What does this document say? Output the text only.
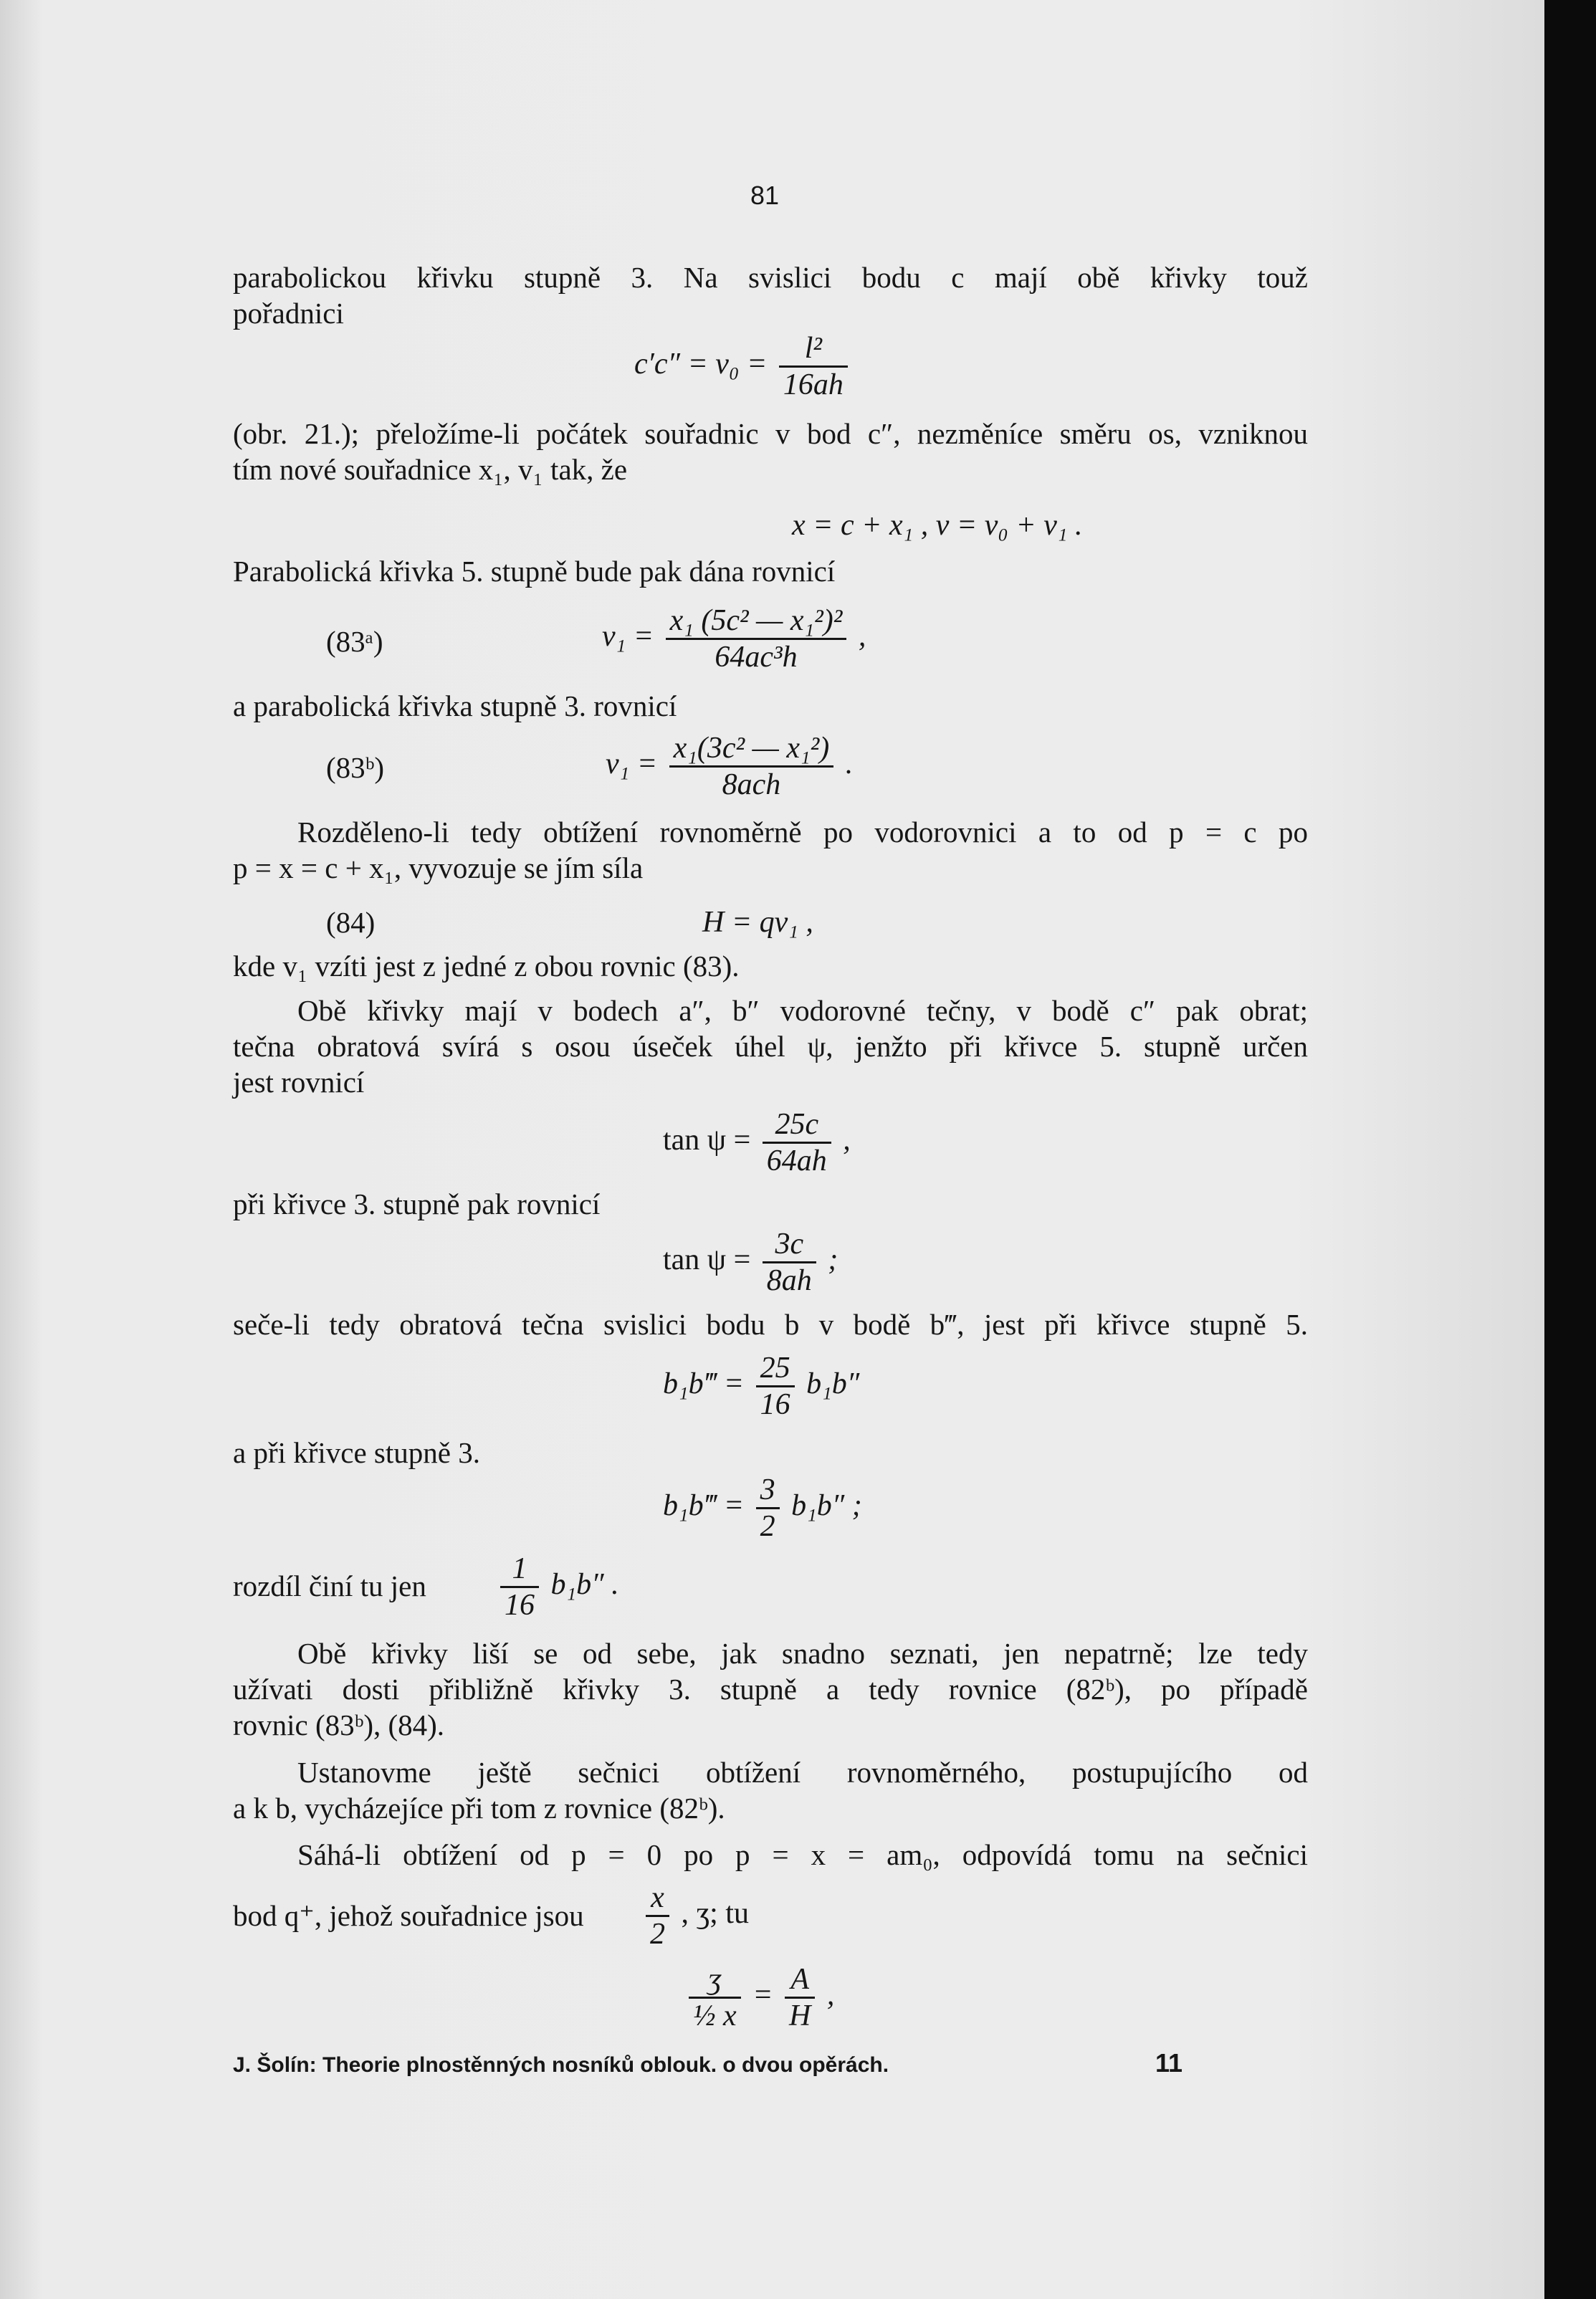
81
parabolickou křivku stupně 3. Na svislici bodu c mají obě křivky touž
pořadnici
$c'c'' = v_0 = \frac{\text{l²}}{16ah}$
(obr. 21.); přeložíme-li počátek souřadnic v bod c″, nezměníce směru os, vzniknou
tím nové souřadnice x₁, v₁ tak, že
x = c + x₁ , v = v₀ + v₁ .
Parabolická křivka 5. stupně bude pak dána rovnicí
(83ᵃ)	$v_1 = \frac{\text{x₁ (5c² — x₁²)²}}{\text{64ac³h}}$ ,
a parabolická křivka stupně 3. rovnicí
(83ᵇ)	$v_1 = \frac{\text{x₁(3c² — x₁²)}}{\text{8ach}}$ .
Rozděleno-li tedy obtížení rovnoměrně po vodorovnici a to od p = c po
p = x = c + x₁, vyvozuje se jím síla
(84)	H = qv₁ ,
kde v₁ vzíti jest z jedné z obou rovnic (83).
Obě křivky mají v bodech a″, b″ vodorovné tečny, v bodě c″ pak obrat;
tečna obratová svírá s osou úseček úhel ψ, jenžto při křivce 5. stupně určen
jest rovnicí
$\tan \psi = \frac{25c}{64ah}$ ,
při křivce 3. stupně pak rovnicí
$\tan \psi = \frac{3c}{8ah}$ ;
seče-li tedy obratová tečna svislici bodu b v bodě b‴, jest při křivce stupně 5.
b₁b‴ = $\frac{25}{16} b_1b''$
a při křivce stupně 3.
b₁b‴ = $\frac{3}{2} b_1b''$ ;
rozdíl činí tu jen $\frac{1}{16} b_1b''$ .
Obě křivky liší se od sebe, jak snadno seznati, jen nepatrně; lze tedy
užívati dosti přibližně křivky 3. stupně a tedy rovnice (82ᵇ), po případě
rovnic (83ᵇ), (84).
Ustanovme ještě sečnici obtížení rovnoměrného, postupujícího od
a k b, vycházejíce při tom z rovnice (82ᵇ).
Sáhá-li obtížení od p = 0 po p = x = am₀, odpovídá tomu na sečnici
bod q⁺, jehož souřadnice jsou $\frac{x}{2}$ , ʒ; tu
$\frac{\text{ʒ}}{\text{½ x}} = \frac{A}{H}$ ,
J. Šolín: Theorie plnostěnných nosníků oblouk. o dvou opěrách.	11
